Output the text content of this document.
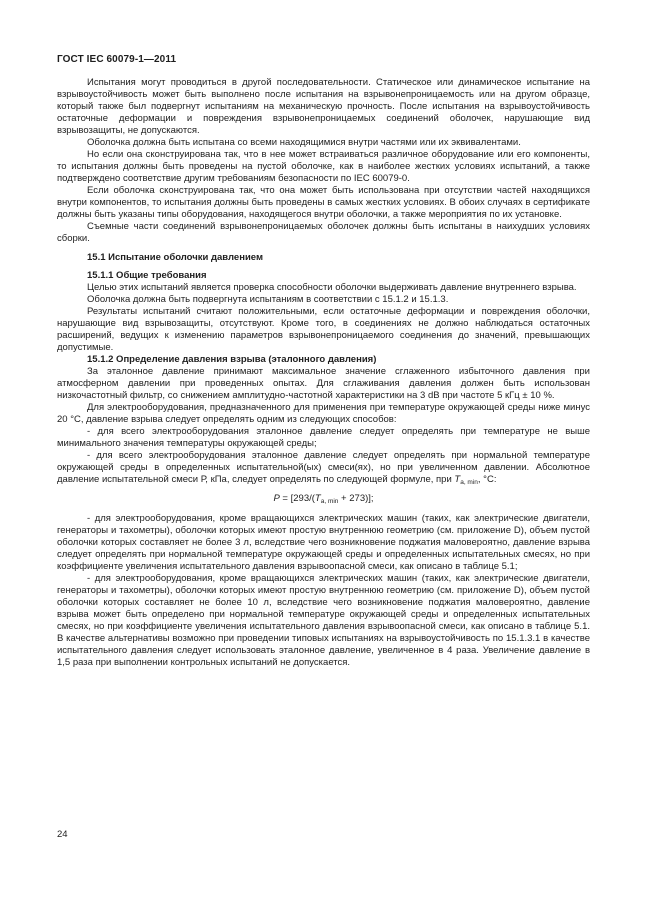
ГОСТ IEC 60079-1—2011

Испытания могут проводиться в другой последовательности. Статическое или динамическое испытание на взрывоустойчивость может быть выполнено после испытания на взрывонепроницаемость или на другом образце, который также был подвергнут испытаниям на механическую прочность. После испытания на взрывоустойчивость остаточные деформации и повреждения взрывонепроницаемых соединений оболочек, нарушающие вид взрывозащиты, не допускаются.

Оболочка должна быть испытана со всеми находящимися внутри частями или их эквивалентами.

Но если она сконструирована так, что в нее может встраиваться различное оборудование или его компоненты, то испытания должны быть проведены на пустой оболочке, как в наиболее жестких условиях испытаний, а также подтверждено соответствие другим требованиям безопасности по IEC 60079-0.

Если оболочка сконструирована так, что она может быть использована при отсутствии частей находящихся внутри компонентов, то испытания должны быть проведены в самых жестких условиях. В обоих случаях в сертификате должны быть указаны типы оборудования, находящегося внутри оболочки, а также мероприятия по их установке.

Съемные части соединений взрывонепроницаемых оболочек должны быть испытаны в наихудших условиях сборки.

15.1 Испытание оболочки давлением

15.1.1 Общие требования

Целью этих испытаний является проверка способности оболочки выдерживать давление внутреннего взрыва.

Оболочка должна быть подвергнута испытаниям в соответствии с 15.1.2 и 15.1.3.

Результаты испытаний считают положительными, если остаточные деформации и повреждения оболочки, нарушающие вид взрывозащиты, отсутствуют. Кроме того, в соединениях не должно наблюдаться остаточных расширений, ведущих к изменению параметров взрывонепроницаемого соединения до значений, превышающих допустимые.

15.1.2 Определение давления взрыва (эталонного давления)

За эталонное давление принимают максимальное значение сглаженного избыточного давления при атмосферном давлении при проведенных опытах. Для сглаживания давления должен быть использован низкочастотный фильтр, со снижением амплитудно-частотной характеристики на 3 dB при частоте 5 кГц ± 10 %.

Для электрооборудования, предназначенного для применения при температуре окружающей среды ниже минус 20 °С, давление взрыва следует определять одним из следующих способов:

- для всего электрооборудования эталонное давление следует определять при температуре не выше минимального значения температуры окружающей среды;

- для всего электрооборудования эталонное давление следует определять при нормальной температуре окружающей среды в определенных испытательной(ых) смеси(ях), но при увеличенном давлении. Абсолютное давление испытательной смеси Р, кПа, следует определять по следующей формуле, при $T_{a, min}$, °С:

$P = [293/(T_{a, min} + 273)]$;

- для электрооборудования, кроме вращающихся электрических машин (таких, как электрические двигатели, генераторы и тахометры), оболочки которых имеют простую внутреннюю геометрию (см. приложение D), объем пустой оболочки которых составляет не более 3 л, вследствие чего возникновение поджатия маловероятно, давление взрыва следует определять при нормальной температуре окружающей среды и определенных испытательных смесях, но при коэффициенте увеличения испытательного давления взрывоопасной смеси, как описано в таблице 5.1;

- для электрооборудования, кроме вращающихся электрических машин (таких, как электрические двигатели, генераторы и тахометры), оболочки которых имеют простую внутреннюю геометрию (см. приложение D), объем пустой оболочки которых составляет не более 10 л, вследствие чего возникновение поджатия маловероятно, давление взрыва может быть определено при нормальной температуре окружающей среды и определенных испытательных смесях, но при коэффициенте увеличения испытательного давления взрывоопасной смеси, как описано в таблице 5.1. В качестве альтернативы возможно при проведении типовых испытаниях на взрывоустойчивость по 15.1.3.1 в качестве испытательного давления следует использовать эталонное давление, увеличенное в 4 раза. Увеличение давление в 1,5 раза при выполнении контрольных испытаний не допускается.

24
